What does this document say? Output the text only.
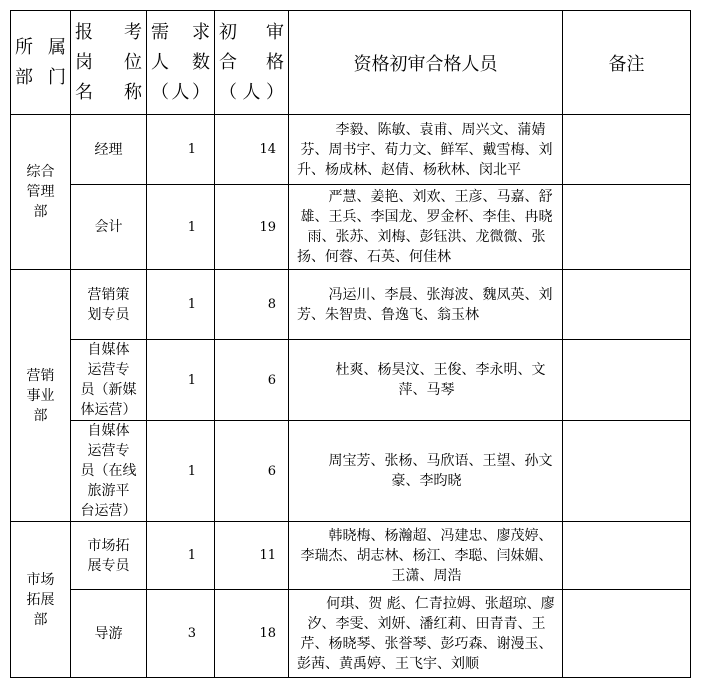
所属
部门	报 考
岗 位
名称	需 求
人 数
（人）	初 审
合 格
（人）	资格初审合格人员	备注

综合
管理
部	经理	1	14	李毅、陈敏、袁甫、周兴文、蒲婧芬、周书宇、荀力文、鲜军、戴雪梅、刘升、杨成林、赵倩、杨秋林、闵北平	
	会计	1	19	严慧、姜艳、刘欢、王彦、马嘉、舒雄、王兵、李国龙、罗金杯、李佳、冉晓雨、张苏、刘梅、彭钰洪、龙微微、张扬、何蓉、石英、何佳林	

营销
事业
部	营销策
划专员	1	8	冯运川、李晨、张海波、魏凤英、刘芳、朱智贵、鲁逸飞、翁玉林	

	自媒体
运营专
员（新媒
体运营）	1	6	杜爽、杨昊汶、王俊、李永明、文萍、马琴	

	自媒体
运营专
员（在线
旅游平
台运营）	1	6	周宝芳、张杨、马欣语、王望、孙文豪、李昀晓	

市场
拓展
部	市场拓
展专员	1	11	韩晓梅、杨瀚超、冯建忠、廖茂婷、李瑞杰、胡志林、杨江、李聪、闫妹媚、王潇、周浩	
	导游	3	18	何琪、贺 彪、仁青拉姆、张超琼、廖汐、李雯、刘妍、潘红莉、田青青、王芹、杨晓琴、张誉琴、彭巧森、谢漫玉、彭茜、黄禹婷、王飞宇、刘顺	
